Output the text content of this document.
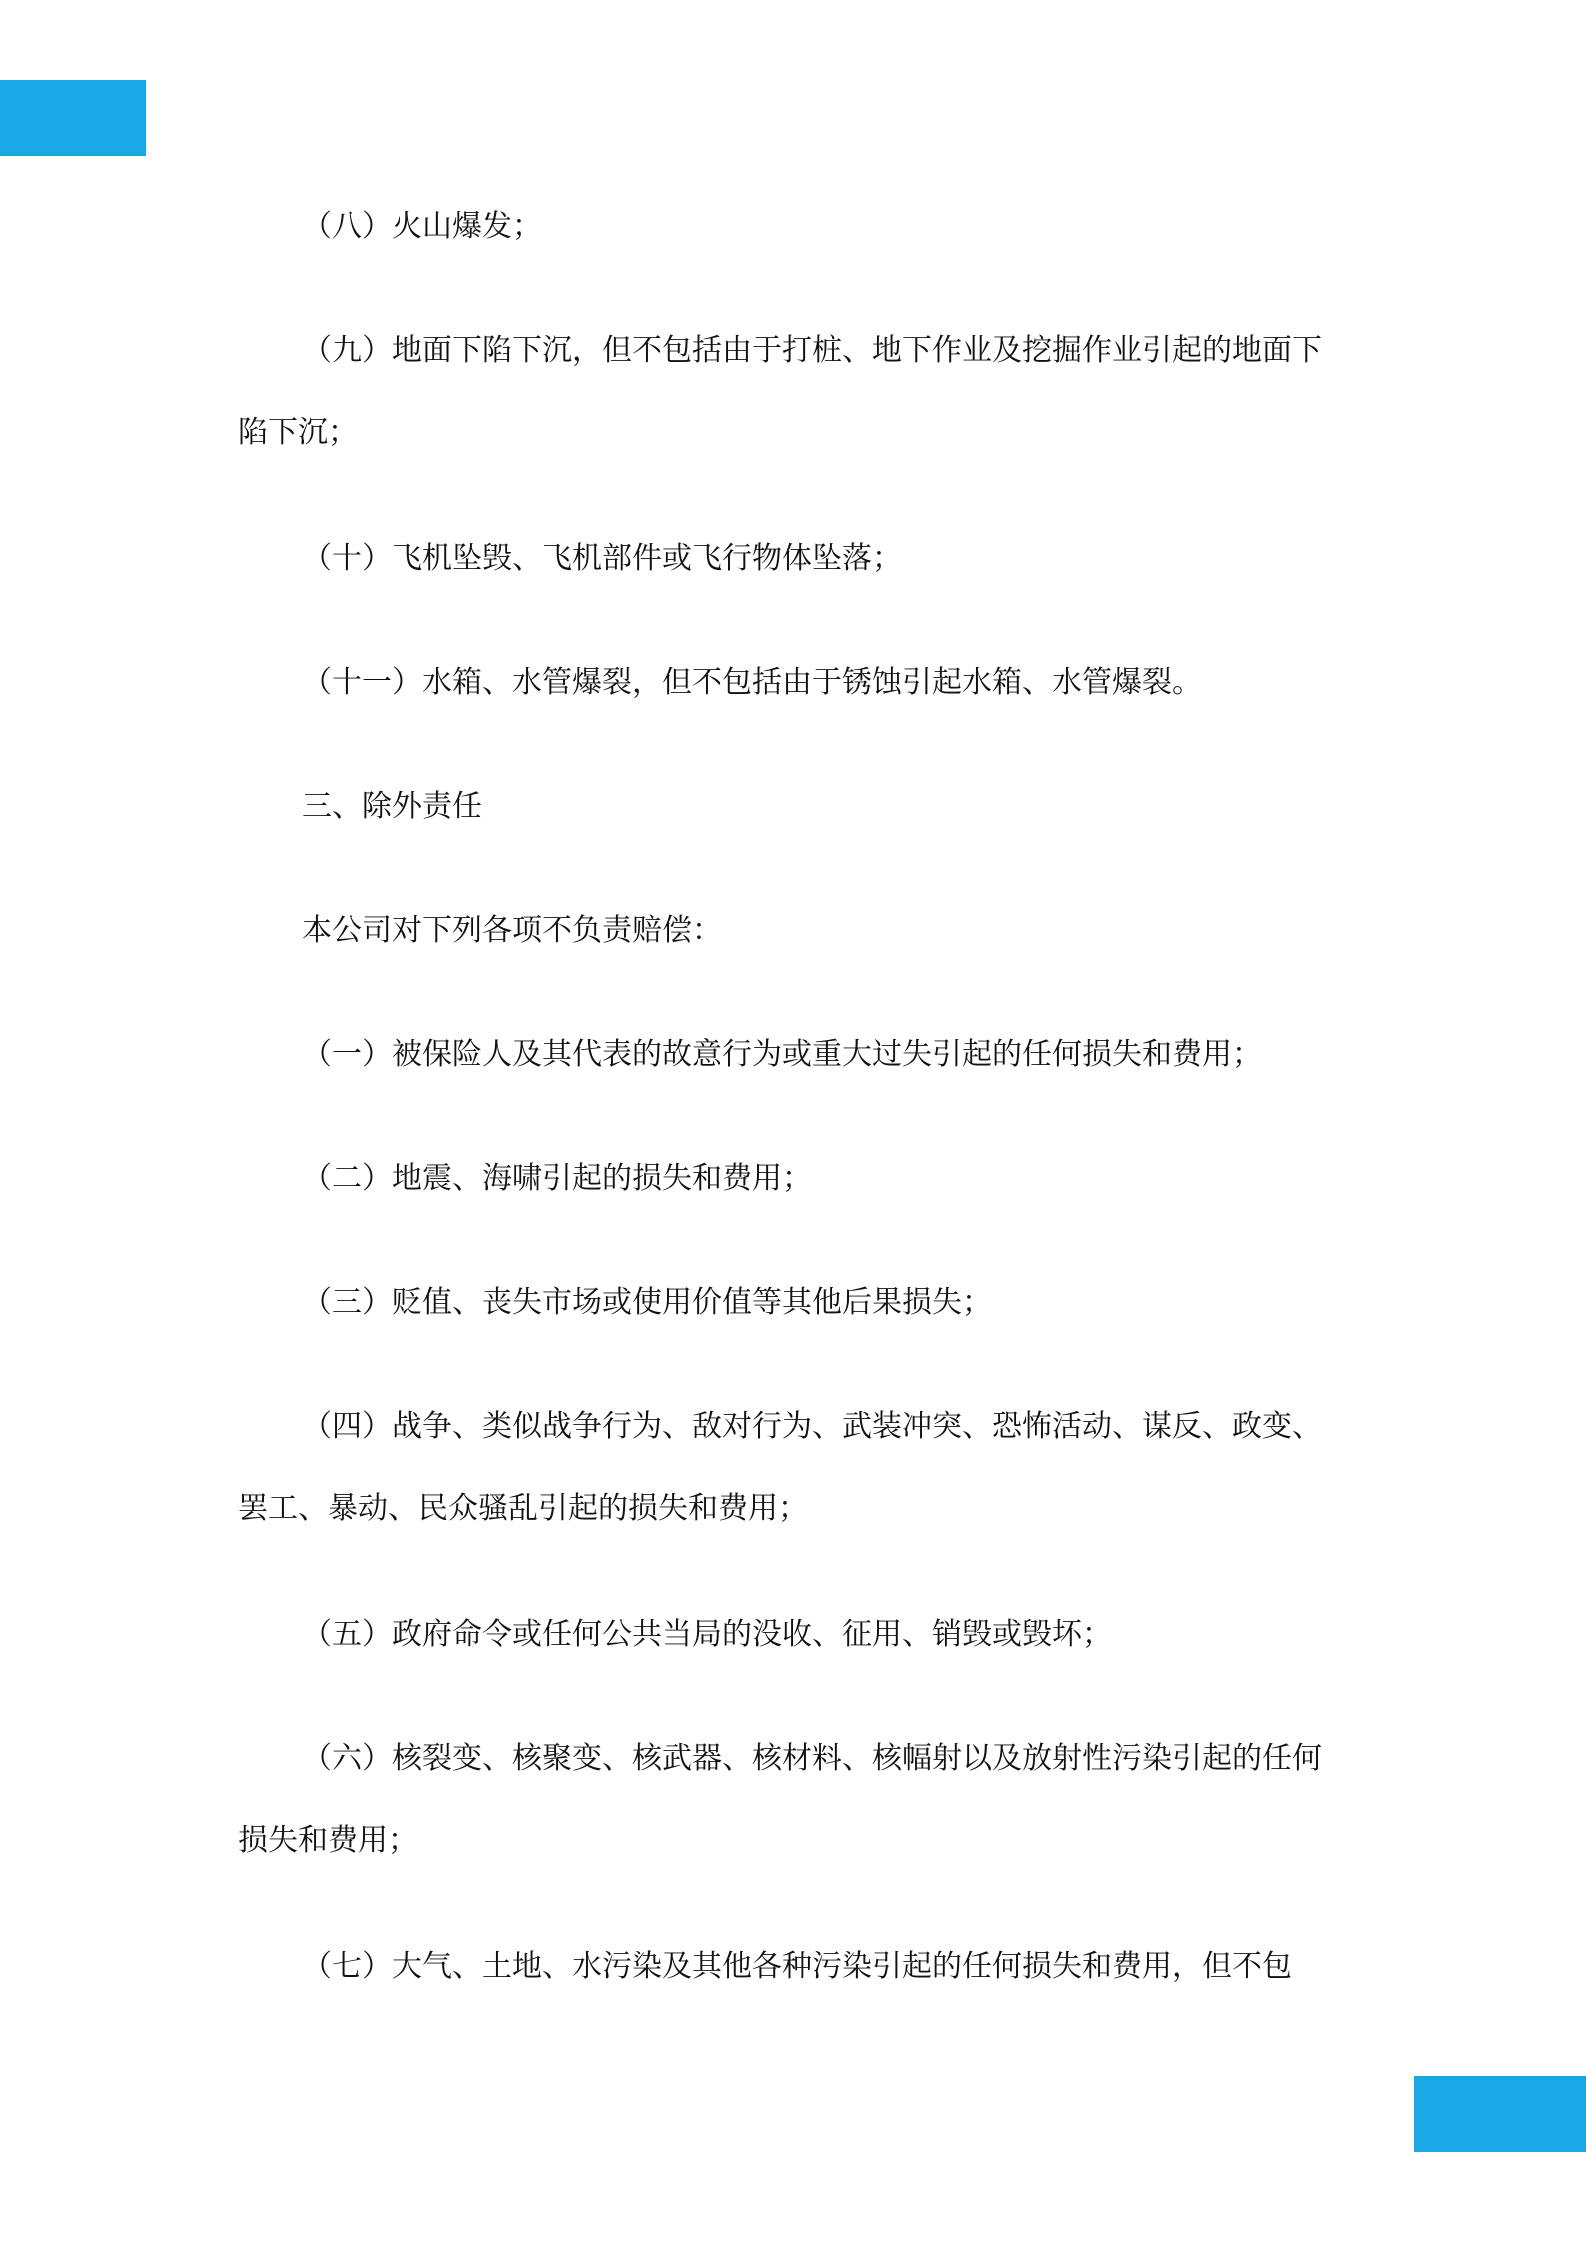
（八）火山爆发；

（九）地面下陷下沉，但不包括由于打桩、地下作业及挖掘作业引起的地面下陷下沉；

（十）飞机坠毁、飞机部件或飞行物体坠落；

（十一）水箱、水管爆裂，但不包括由于锈蚀引起水箱、水管爆裂。

三、除外责任

本公司对下列各项不负责赔偿：

（一）被保险人及其代表的故意行为或重大过失引起的任何损失和费用；

（二）地震、海啸引起的损失和费用；

（三）贬值、丧失市场或使用价值等其他后果损失；

（四）战争、类似战争行为、敌对行为、武装冲突、恐怖活动、谋反、政变、罢工、暴动、民众骚乱引起的损失和费用；

（五）政府命令或任何公共当局的没收、征用、销毁或毁坏；

（六）核裂变、核聚变、核武器、核材料、核幅射以及放射性污染引起的任何损失和费用；

（七）大气、土地、水污染及其他各种污染引起的任何损失和费用，但不包
